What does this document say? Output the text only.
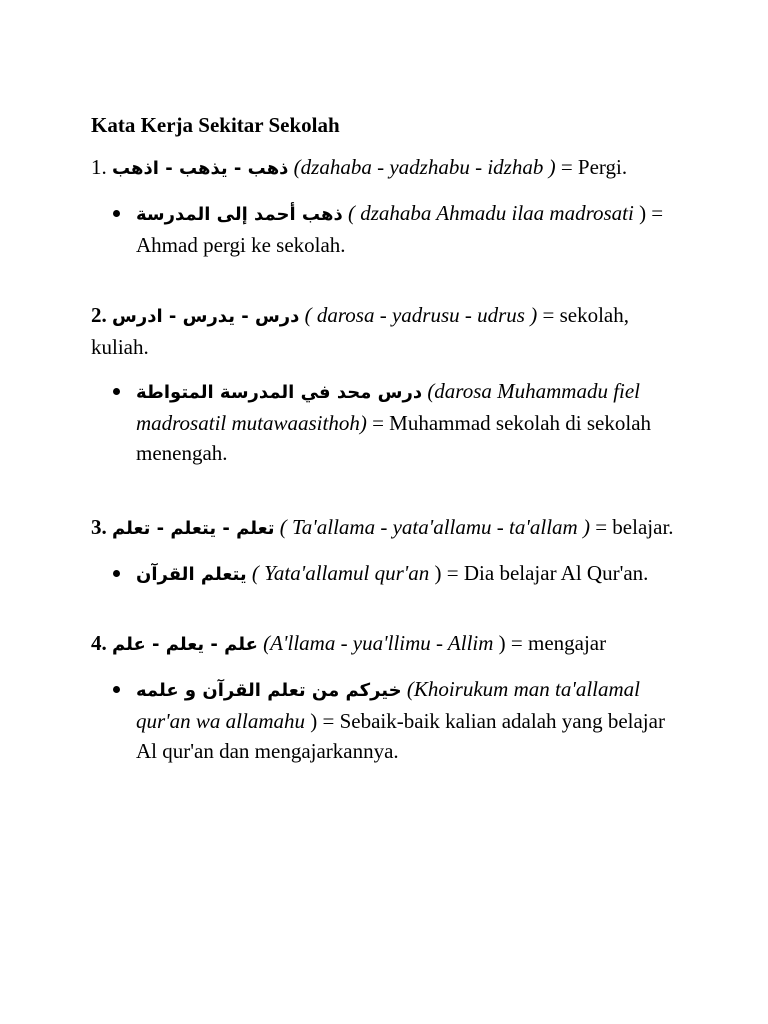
Kata Kerja Sekitar Sekolah
1. ذهب - يذهب - اذهب (dzahaba - yadzhabu - idzhab ) = Pergi.
ذهب أحمد إلى المدرسة ( dzahaba Ahmadu ilaa madrosati ) = Ahmad pergi ke sekolah.
2. درس - يدرس - ادرس ( darosa - yadrusu - udrus ) = sekolah, kuliah.
درس محد في المدرسة المتواطة (darosa Muhammadu fiel madrosatil mutawaasithoh) = Muhammad sekolah di sekolah menengah.
3. تعلم - يتعلم - تعلم ( Ta'allama - yata'allamu - ta'allam ) = belajar.
يتعلم القرآن ( Yata'allamul qur'an ) = Dia belajar Al Qur'an.
4. علم - يعلم - علم (A'llama - yua'llimu - Allim ) = mengajar
خيركم من تعلم القرآن و علمه (Khoirukum man ta'allamal qur'an wa allamahu ) = Sebaik-baik kalian adalah yang belajar Al qur'an dan mengajarkannya.
